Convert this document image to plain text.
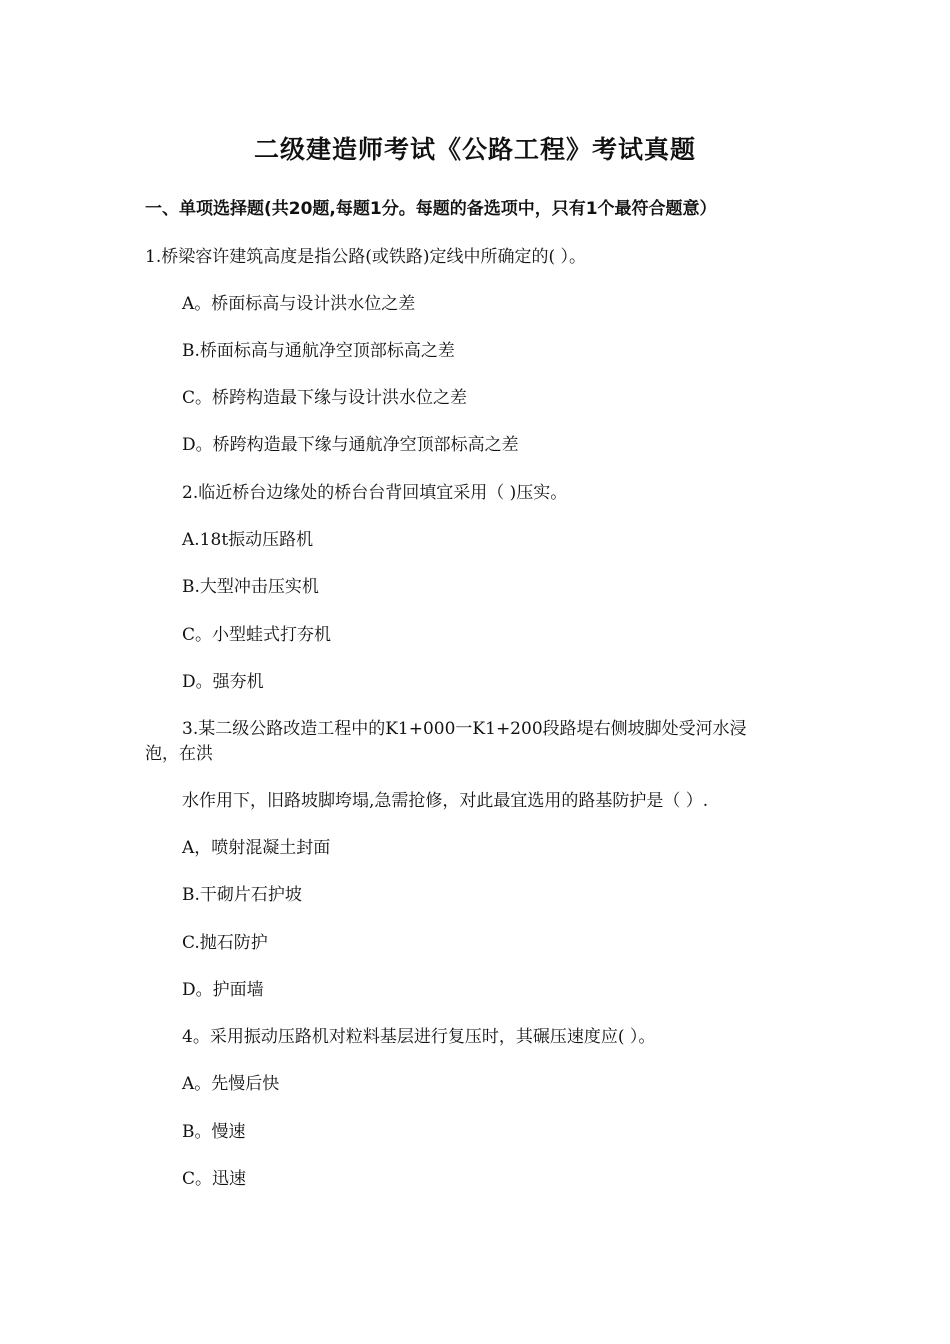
二级建造师考试《公路工程》考试真题
一、单项选择题(共20题,每题1分。每题的备选项中，只有1个最符合题意）
1.桥梁容许建筑高度是指公路(或铁路)定线中所确定的( ）。
A。桥面标高与设计洪水位之差
B.桥面标高与通航净空顶部标高之差
C。桥跨构造最下缘与设计洪水位之差
D。桥跨构造最下缘与通航净空顶部标高之差
2.临近桥台边缘处的桥台台背回填宜采用（ )压实。
A.18t振动压路机
B.大型冲击压实机
C。小型蛙式打夯机
D。强夯机
3.某二级公路改造工程中的K1+000一K1+200段路堤右侧坡脚处受河水浸
泡，在洪
水作用下，旧路坡脚垮塌,急需抢修，对此最宜选用的路基防护是（ ）.
A，喷射混凝土封面
B.干砌片石护坡
C.抛石防护
D。护面墙
4。采用振动压路机对粒料基层进行复压时，其碾压速度应( ）。
A。先慢后快
B。慢速
C。迅速
